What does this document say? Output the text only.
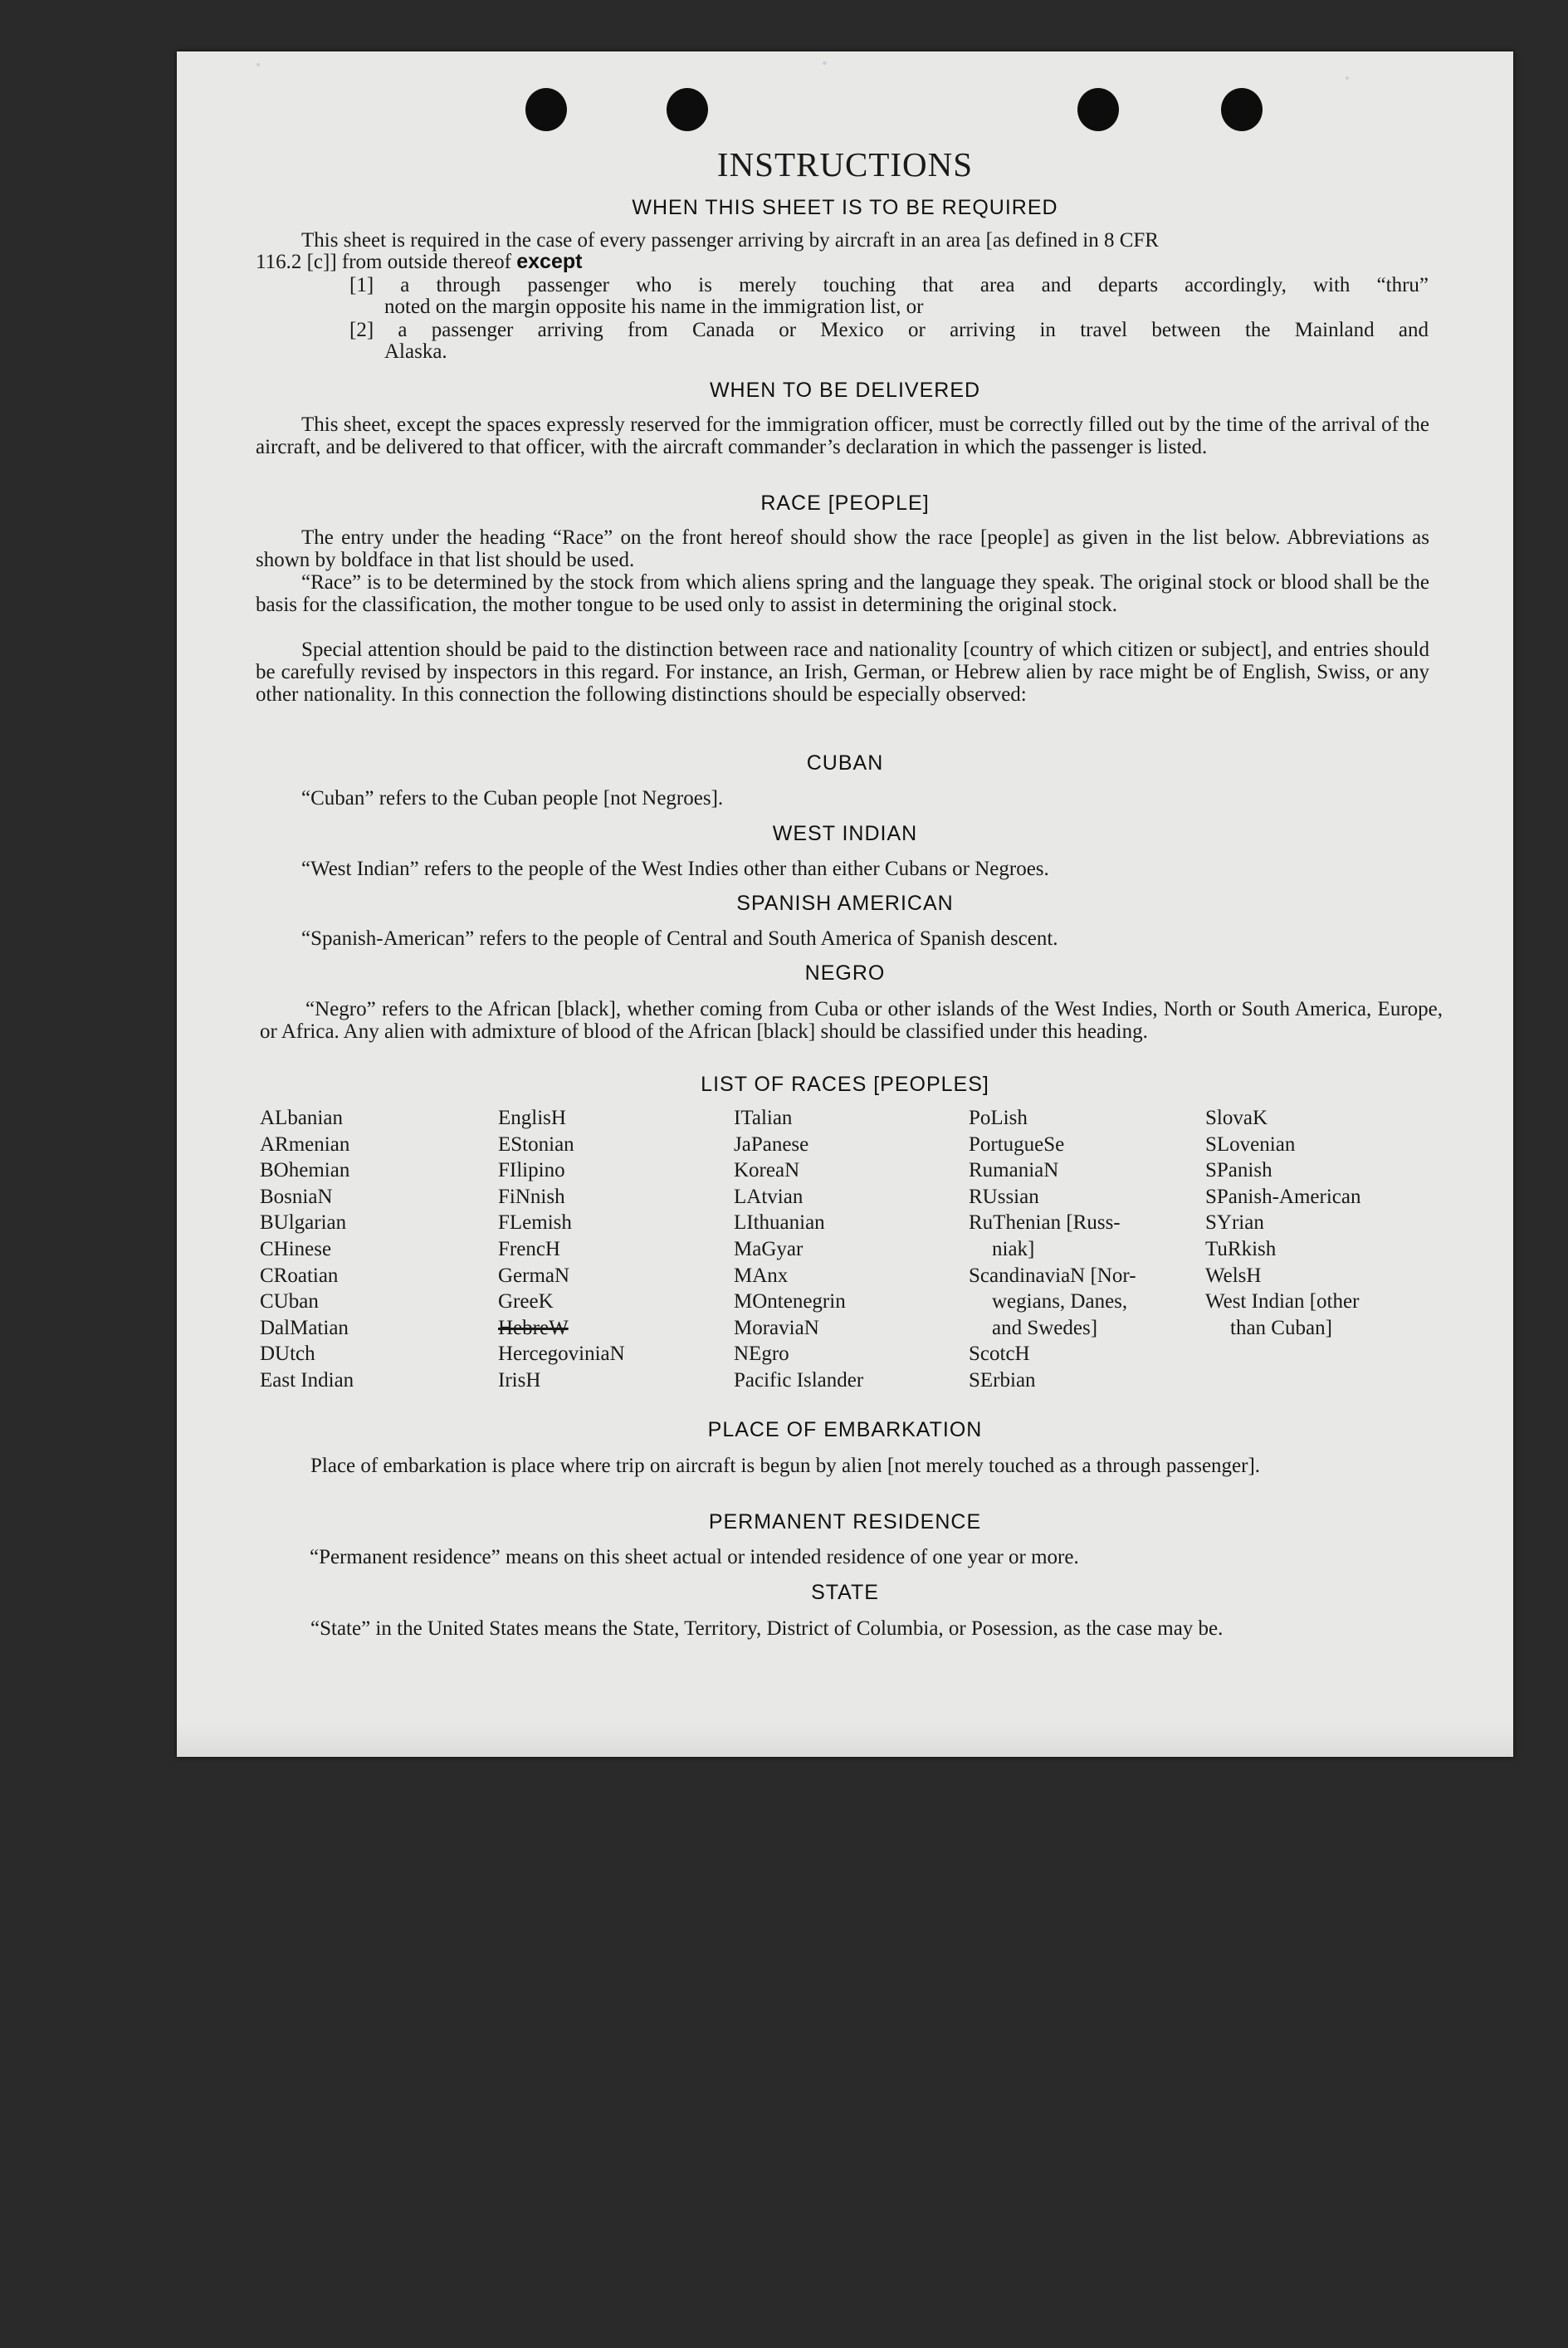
INSTRUCTIONS
WHEN THIS SHEET IS TO BE REQUIRED
This sheet is required in the case of every passenger arriving by aircraft in an area [as defined in 8 CFR
116.2 [c]] from outside thereof except
[1] a through passenger who is merely touching that area and departs accordingly, with “thru”
noted on the margin opposite his name in the immigration list, or
[2] a passenger arriving from Canada or Mexico or arriving in travel between the Mainland and
Alaska.
WHEN TO BE DELIVERED
This sheet, except the spaces expressly reserved for the immigration officer, must be correctly filled out by the time of the arrival of the aircraft, and be delivered to that officer, with the aircraft commander’s declaration in which the passenger is listed.
RACE [PEOPLE]
The entry under the heading “Race” on the front hereof should show the race [people] as given in the list below. Abbreviations as shown by boldface in that list should be used.
“Race” is to be determined by the stock from which aliens spring and the language they speak. The original stock or blood shall be the basis for the classification, the mother tongue to be used only to assist in determining the original stock.
Special attention should be paid to the distinction between race and nationality [country of which citizen or subject], and entries should be carefully revised by inspectors in this regard. For instance, an Irish, German, or Hebrew alien by race might be of English, Swiss, or any other nationality. In this connection the following distinctions should be especially observed:
CUBAN
“Cuban” refers to the Cuban people [not Negroes].
WEST INDIAN
“West Indian” refers to the people of the West Indies other than either Cubans or Negroes.
SPANISH AMERICAN
“Spanish-American” refers to the people of Central and South America of Spanish descent.
NEGRO
“Negro” refers to the African [black], whether coming from Cuba or other islands of the West Indies, North or South America, Europe, or Africa. Any alien with admixture of blood of the African [black] should be classified under this heading.
LIST OF RACES [PEOPLES]
ALbanian
ARmenian
BOhemian
BosniaN
BUlgarian
CHinese
CRoatian
CUban
DalMatian
DUtch
East Indian
EnglisH
EStonian
FIlipino
FiNnish
FLemish
FrencH
GermaN
GreeK
HebreW
HercegoviniaN
IrisH
ITalian
JaPanese
KoreaN
LAtvian
LIthuanian
MaGyar
MAnx
MOntenegrin
MoraviaN
NEgro
Pacific Islander
PoLish
PortugueSe
RumaniaN
RUssian
RuThenian [Russ-
niak]
ScandinaviaN [Nor-
wegians, Danes,
and Swedes]
ScotcH
SErbian
SlovaK
SLovenian
SPanish
SPanish-American
SYrian
TuRkish
WelsH
West Indian [other
than Cuban]
PLACE OF EMBARKATION
Place of embarkation is place where trip on aircraft is begun by alien [not merely touched as a through passenger].
PERMANENT RESIDENCE
“Permanent residence” means on this sheet actual or intended residence of one year or more.
STATE
“State” in the United States means the State, Territory, District of Columbia, or Posession, as the case may be.
